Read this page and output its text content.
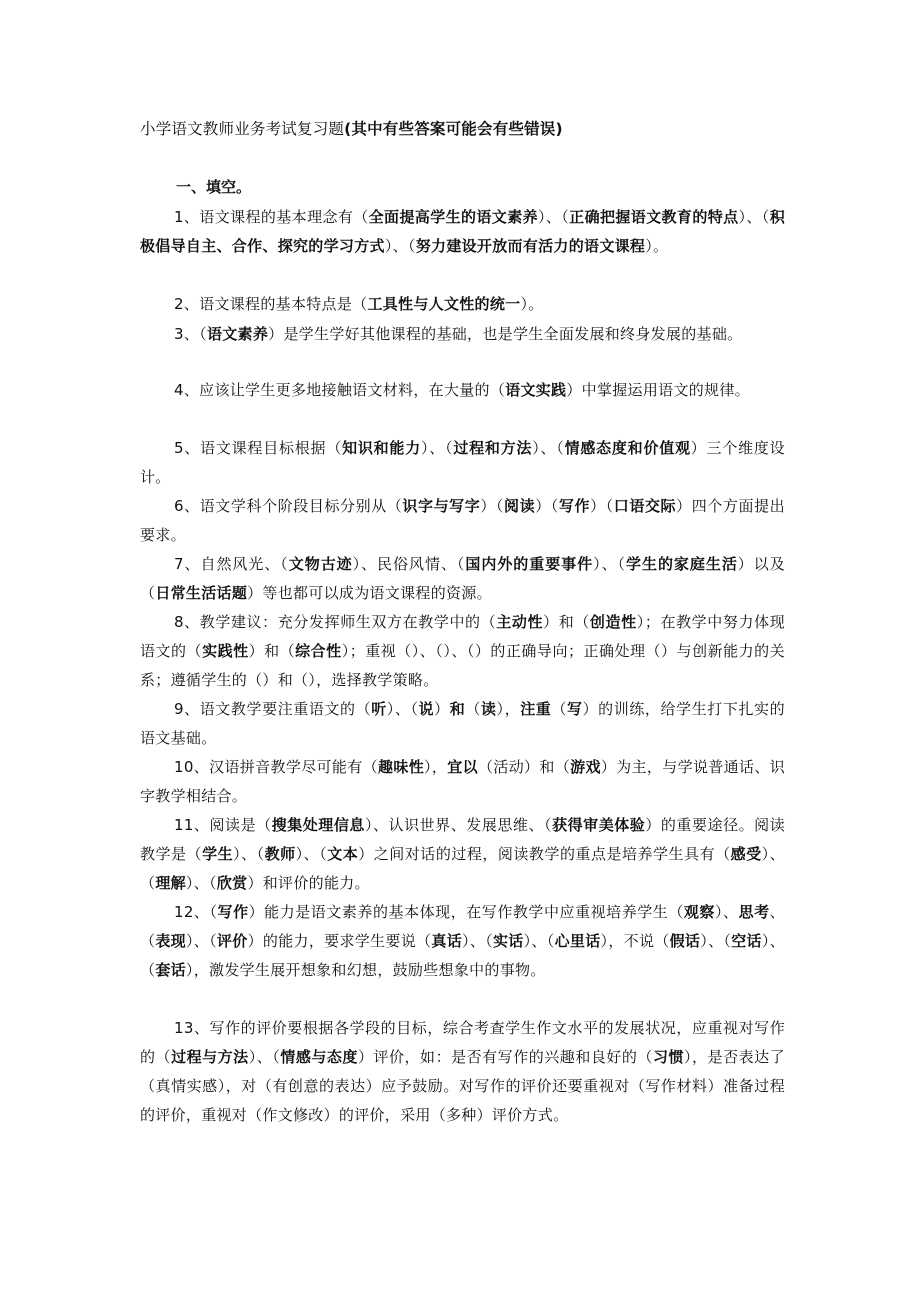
小学语文教师业务考试复习题(其中有些答案可能会有些错误)
一、填空。
1、语文课程的基本理念有（全面提高学生的语文素养）、（正确把握语文教育的特点）、（积极倡导自主、合作、探究的学习方式）、（努力建设开放而有活力的语文课程）。
2、语文课程的基本特点是（工具性与人文性的统一）。
3、（语文素养）是学生学好其他课程的基础，也是学生全面发展和终身发展的基础。
4、应该让学生更多地接触语文材料，在大量的（语文实践）中掌握运用语文的规律。
5、语文课程目标根据（知识和能力）、（过程和方法）、（情感态度和价值观）三个维度设计。
6、语文学科个阶段目标分别从（识字与写字）（阅读）（写作）（口语交际）四个方面提出要求。
7、自然风光、（文物古迹）、民俗风情、（国内外的重要事件）、（学生的家庭生活）以及（日常生活话题）等也都可以成为语文课程的资源。
8、教学建议：充分发挥师生双方在教学中的（主动性）和（创造性）；在教学中努力体现语文的（实践性）和（综合性）；重视（）、（）、（）的正确导向；正确处理（）与创新能力的关系；遵循学生的（）和（），选择教学策略。
9、语文教学要注重语文的（听）、（说）和（读），注重（写）的训练，给学生打下扎实的语文基础。
10、汉语拼音教学尽可能有（趣味性），宜以（活动）和（游戏）为主，与学说普通话、识字教学相结合。
11、阅读是（搜集处理信息）、认识世界、发展思维、（获得审美体验）的重要途径。阅读教学是（学生）、（教师）、（文本）之间对话的过程，阅读教学的重点是培养学生具有（感受）、（理解）、（欣赏）和评价的能力。
12、（写作）能力是语文素养的基本体现，在写作教学中应重视培养学生（观察）、思考、（表现）、（评价）的能力，要求学生要说（真话）、（实话）、（心里话），不说（假话）、（空话）、（套话），激发学生展开想象和幻想，鼓励些想象中的事物。
13、写作的评价要根据各学段的目标，综合考查学生作文水平的发展状况，应重视对写作的（过程与方法）、（情感与态度）评价，如：是否有写作的兴趣和良好的（习惯），是否表达了（真情实感），对（有创意的表达）应予鼓励。对写作的评价还要重视对（写作材料）准备过程的评价，重视对（作文修改）的评价，采用（多种）评价方式。
